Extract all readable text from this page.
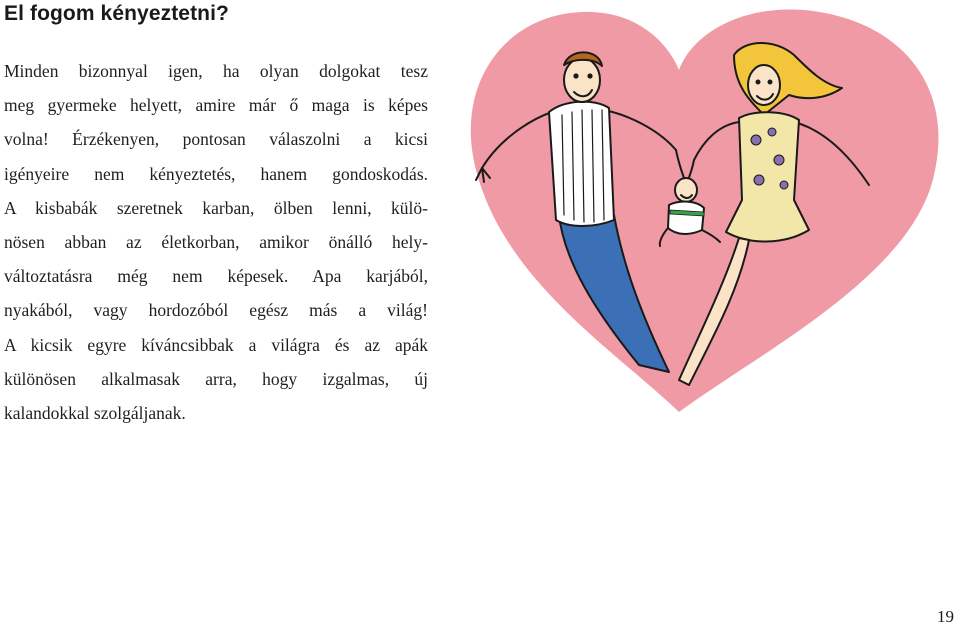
El fogom kényeztetni?
Minden bizonnyal igen, ha olyan dolgokat tesz
meg gyermeke helyett, amire már ő maga is képes
volna! Érzékenyen, pontosan válaszolni a kicsi
igényeire nem kényeztetés, hanem gondoskodás.
A kisbabák szeretnek karban, ölben lenni, külö-
nösen abban az életkorban, amikor önálló hely-
változtatásra még nem képesek. Apa karjából,
nyakából, vagy hordozóból egész más a világ!
A kicsik egyre kíváncsibbak a világra és az apák
különösen alkalmasak arra, hogy izgalmas, új
kalandokkal szolgáljanak.
19
